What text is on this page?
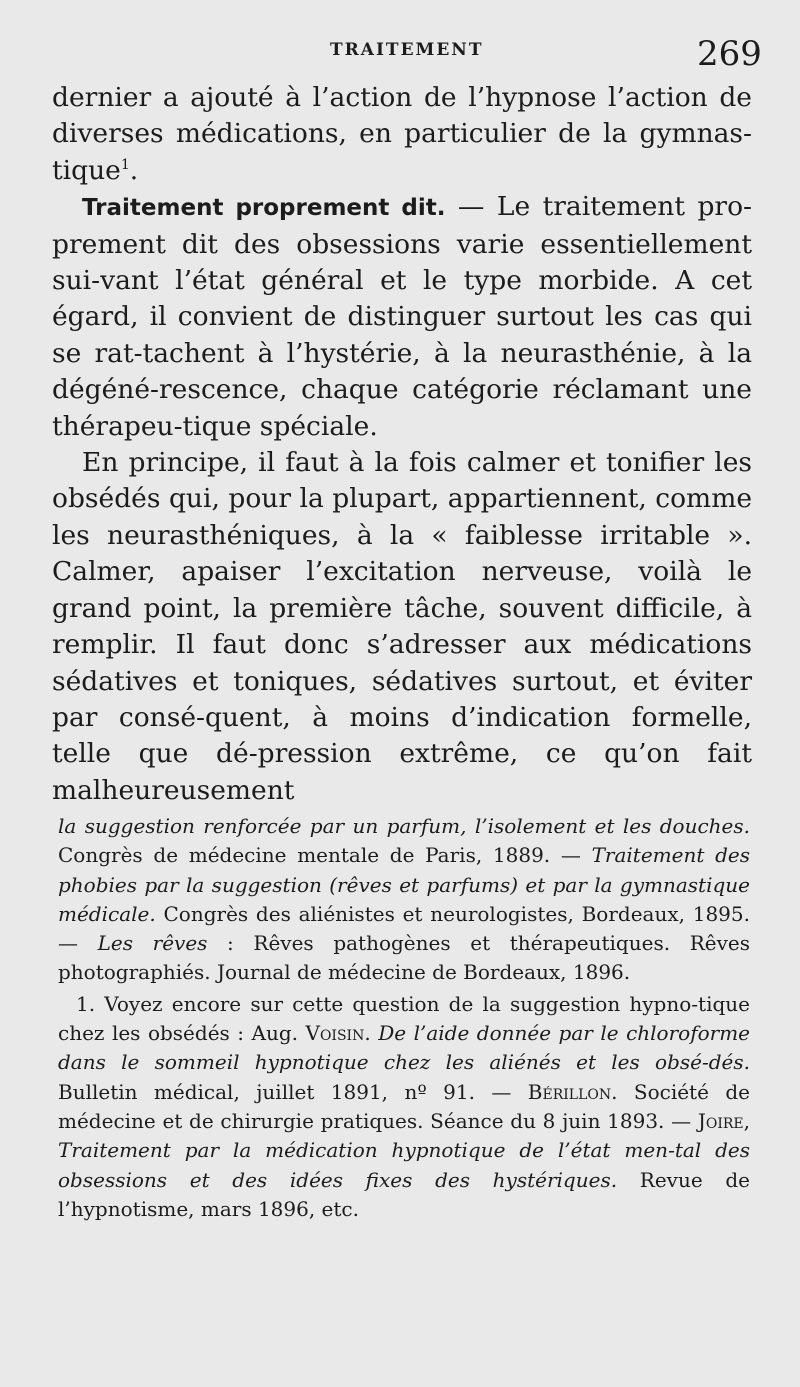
TRAITEMENT	269

dernier a ajouté à l’action de l’hypnose l’action de diverses médications, en particulier de la gymnas-tique$^1$.

Traitement proprement dit. — Le traitement pro-prement dit des obsessions varie essentiellement sui-vant l’état général et le type morbide. A cet égard, il convient de distinguer surtout les cas qui se rat-tachent à l’hystérie, à la neurasthénie, à la dégéné-rescence, chaque catégorie réclamant une thérapeu-tique spéciale.

En principe, il faut à la fois calmer et tonifier les obsédés qui, pour la plupart, appartiennent, comme les neurasthéniques, à la « faiblesse irritable ». Calmer, apaiser l’excitation nerveuse, voilà le grand point, la première tâche, souvent difficile, à remplir. Il faut donc s’adresser aux médications sédatives et toniques, sédatives surtout, et éviter par consé-quent, à moins d’indication formelle, telle que dé-pression extrême, ce qu’on fait malheureusement

la suggestion renforcée par un parfum, l’isolement et les douches. Congrès de médecine mentale de Paris, 1889. — Traitement des phobies par la suggestion (rêves et parfums) et par la gymnastique médicale. Congrès des aliénistes et neurologistes, Bordeaux, 1895. — Les rêves : Rêves pathogènes et thérapeutiques. Rêves photographiés. Journal de médecine de Bordeaux, 1896.

1. Voyez encore sur cette question de la suggestion hypno-tique chez les obsédés : Aug. Voisin. De l’aide donnée par le chloroforme dans le sommeil hypnotique chez les aliénés et les obsé-dés. Bulletin médical, juillet 1891, nº 91. — Bérillon. Société de médecine et de chirurgie pratiques. Séance du 8 juin 1893. — Joire, Traitement par la médication hypnotique de l’état men-tal des obsessions et des idées fixes des hystériques. Revue de l’hypnotisme, mars 1896, etc.
